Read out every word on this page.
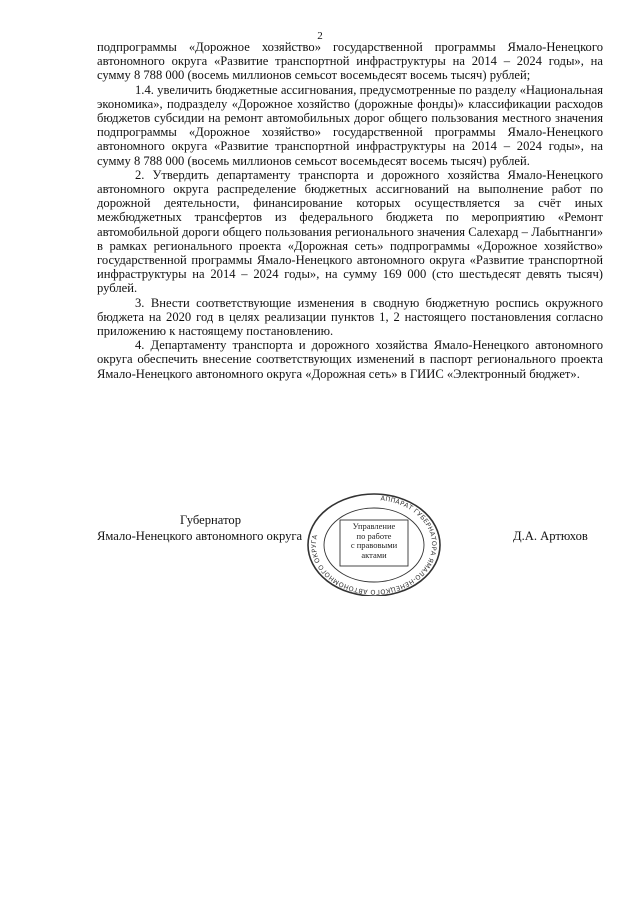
2

подпрограммы «Дорожное хозяйство» государственной программы Ямало-Ненецкого автономного округа «Развитие транспортной инфраструктуры на 2014 – 2024 годы», на сумму 8 788 000 (восемь миллионов семьсот восемьдесят восемь тысяч) рублей;

1.4. увеличить бюджетные ассигнования, предусмотренные по разделу «Национальная экономика», подразделу «Дорожное хозяйство (дорожные фонды)» классификации расходов бюджетов субсидии на ремонт автомобильных дорог общего пользования местного значения подпрограммы «Дорожное хозяйство» государственной программы Ямало-Ненецкого автономного округа «Развитие транспортной инфраструктуры на 2014 – 2024 годы», на сумму 8 788 000 (восемь миллионов семьсот восемьдесят восемь тысяч) рублей.

2. Утвердить департаменту транспорта и дорожного хозяйства Ямало-Ненецкого автономного округа распределение бюджетных ассигнований на выполнение работ по дорожной деятельности, финансирование которых осуществляется за счёт иных межбюджетных трансфертов из федерального бюджета по мероприятию «Ремонт автомобильной дороги общего пользования регионального значения Салехард – Лабытнанги» в рамках регионального проекта «Дорожная сеть» подпрограммы «Дорожное хозяйство» государственной программы Ямало-Ненецкого автономного округа «Развитие транспортной инфраструктуры на 2014 – 2024 годы», на сумму 169 000 (сто шестьдесят девять тысяч) рублей.

3. Внести соответствующие изменения в сводную бюджетную роспись окружного бюджета на 2020 год в целях реализации пунктов 1, 2 настоящего постановления согласно приложению к настоящему постановлению.

4. Департаменту транспорта и дорожного хозяйства Ямало-Ненецкого автономного округа обеспечить внесение соответствующих изменений в паспорт регионального проекта Ямало-Ненецкого автономного округа «Дорожная сеть» в ГИИС «Электронный бюджет».

Губернатор
Ямало-Ненецкого автономного округа	Д.А. Артюхов
АППАРАТ ГУБЕРНАТОРА ЯМАЛО-НЕНЕЦКОГО АВТОНОМНОГО ОКРУГА
Управление
по работе
с правовыми
актами
